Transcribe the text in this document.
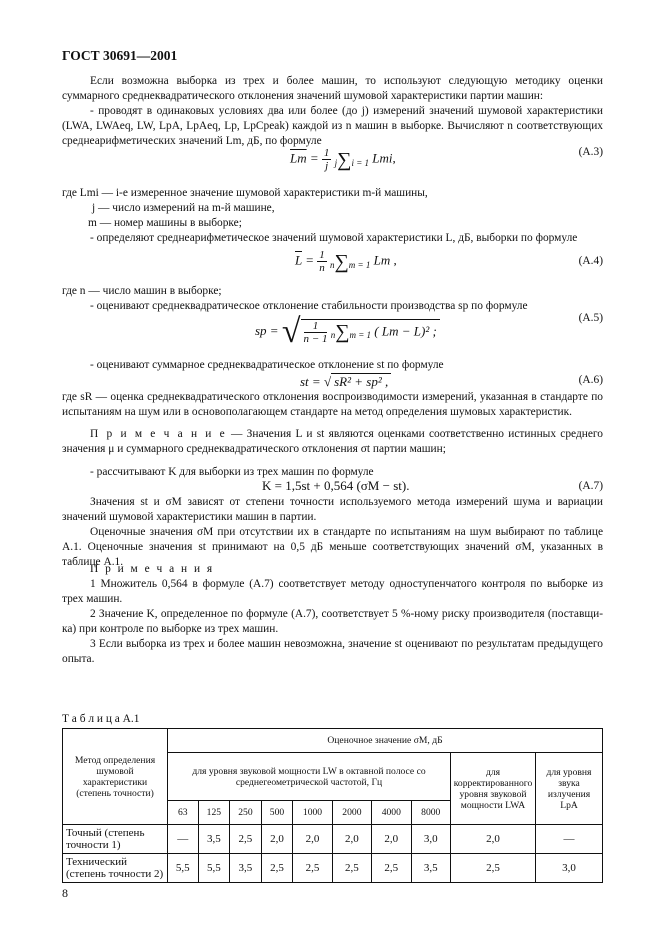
ГОСТ 30691—2001
Если возможна выборка из трех и более машин, то используют следующую методику оценки суммарного среднеквадратического отклонения значений шумовой характеристики партии машин:
- проводят в одинаковых условиях два или более (до j) измерений значений шумовой характеристики (LWA, LWAeq, LW, LpA, LpAeq, Lp, LpCpeak) каждой из n машин в выборке. Вычисляют n соответствующих среднеарифметических значений Lm, дБ, по формуле
$\overline{Lm} = \frac{1}{j} j\sum i = 1$ Lmi,	(A.3)
где Lmi — i-е измеренное значение шумовой характеристики m-й машины,
j — число измерений на m-й машине,
m — номер машины в выборке;
- определяют среднеарифметическое значений шумовой характеристики L, дБ, выборки по формуле
$\overline{L} = \frac{1}{n} n\sum m = 1$ Lm ,	(A.4)
где n — число машин в выборке;
- оценивают среднеквадратическое отклонение стабильности производства sp по формуле
sp = √ $\frac{1}{n - 1} n\sum m = 1$ ( Lm − L)² ;
(A.5)
- оценивают суммарное среднеквадратическое отклонение st по формуле
st = √ sR² + sp² ,	(A.6)
где sR — оценка среднеквадратического отклонения воспроизводимости измерений, указанная в стандарте по испытаниям на шум или в основополагающем стандарте на метод определения шумовых характеристик.
П р и м е ч а н и е — Значения L и st являются оценками соответственно истинных среднего значения μ и суммарного среднеквадратического отклонения σt партии машин;
- рассчитывают K для выборки из трех машин по формуле
K = 1,5st + 0,564 (σM − st).	(A.7)
Значения st и σM зависят от степени точности используемого метода измерений шума и вариации значений шумовой характеристики машин в партии.
Оценочные значения σM при отсутствии их в стандарте по испытаниям на шум выбирают по таблице А.1. Оценочные значения st принимают на 0,5 дБ меньше соответствующих значений σM, указанных в таблице А.1.
П р и м е ч а н и я
1 Множитель 0,564 в формуле (А.7) соответствует методу одноступенчатого контроля по выборке из трех машин.
2 Значение K, определенное по формуле (А.7), соответствует 5 %-ному риску производителя (поставщика) при контроле по выборке из трех машин.
3 Если выборка из трех и более машин невозможна, значение st оценивают по результатам предыдущего опыта.
Т а б л и ц а А.1
Метод определения шумовой характеристики (степень точности)	Оценочное значение σM, дБ									
	для уровня звуковой мощности LW в октавной полосе со среднегеометрической частотой, Гц								для корректированного уровня звуковой мощности LWA	для уровня звука излучения LpA
	63	125	250	500	1000	2000	4000	8000		
Точный (степень точности 1)	—	3,5	2,5	2,0	2,0	2,0	2,0	3,0	2,0	—
Технический (степень точности 2)	5,5	5,5	3,5	2,5	2,5	2,5	2,5	3,5	2,5	3,0
8
